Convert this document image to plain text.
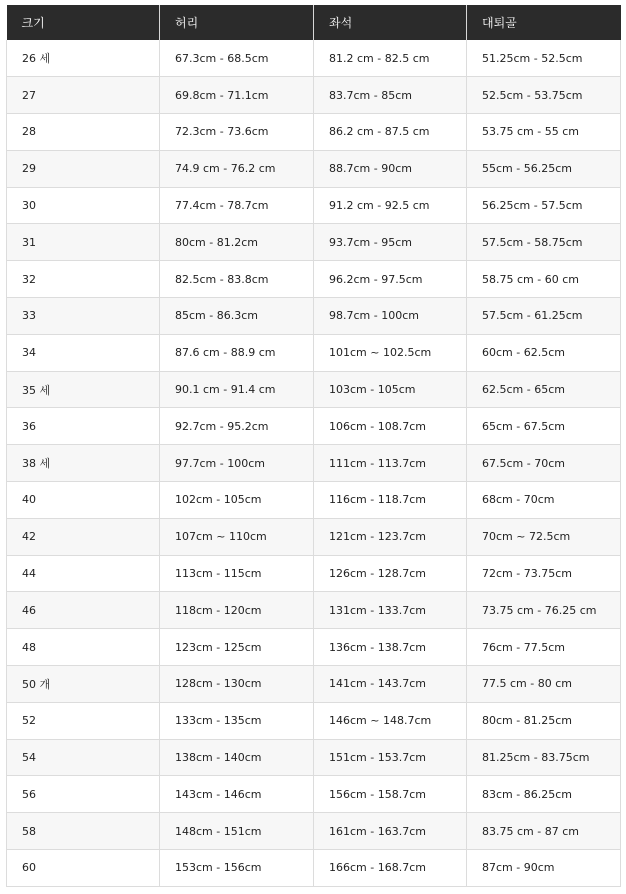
크기	허리	좌석	대퇴골
26 세	67.3cm - 68.5cm	81.2 cm - 82.5 cm	51.25cm - 52.5cm
27	69.8cm - 71.1cm	83.7cm - 85cm	52.5cm - 53.75cm
28	72.3cm - 73.6cm	86.2 cm - 87.5 cm	53.75 cm - 55 cm
29	74.9 cm - 76.2 cm	88.7cm - 90cm	55cm - 56.25cm
30	77.4cm - 78.7cm	91.2 cm - 92.5 cm	56.25cm - 57.5cm
31	80cm - 81.2cm	93.7cm - 95cm	57.5cm - 58.75cm
32	82.5cm - 83.8cm	96.2cm - 97.5cm	58.75 cm - 60 cm
33	85cm - 86.3cm	98.7cm - 100cm	57.5cm - 61.25cm
34	87.6 cm - 88.9 cm	101cm ~ 102.5cm	60cm - 62.5cm
35 세	90.1 cm - 91.4 cm	103cm - 105cm	62.5cm - 65cm
36	92.7cm - 95.2cm	106cm - 108.7cm	65cm - 67.5cm
38 세	97.7cm - 100cm	111cm - 113.7cm	67.5cm - 70cm
40	102cm - 105cm	116cm - 118.7cm	68cm - 70cm
42	107cm ~ 110cm	121cm - 123.7cm	70cm ~ 72.5cm
44	113cm - 115cm	126cm - 128.7cm	72cm - 73.75cm
46	118cm - 120cm	131cm - 133.7cm	73.75 cm - 76.25 cm
48	123cm - 125cm	136cm - 138.7cm	76cm - 77.5cm
50 개	128cm - 130cm	141cm - 143.7cm	77.5 cm - 80 cm
52	133cm - 135cm	146cm ~ 148.7cm	80cm - 81.25cm
54	138cm - 140cm	151cm - 153.7cm	81.25cm - 83.75cm
56	143cm - 146cm	156cm - 158.7cm	83cm - 86.25cm
58	148cm - 151cm	161cm - 163.7cm	83.75 cm - 87 cm
60	153cm - 156cm	166cm - 168.7cm	87cm - 90cm
